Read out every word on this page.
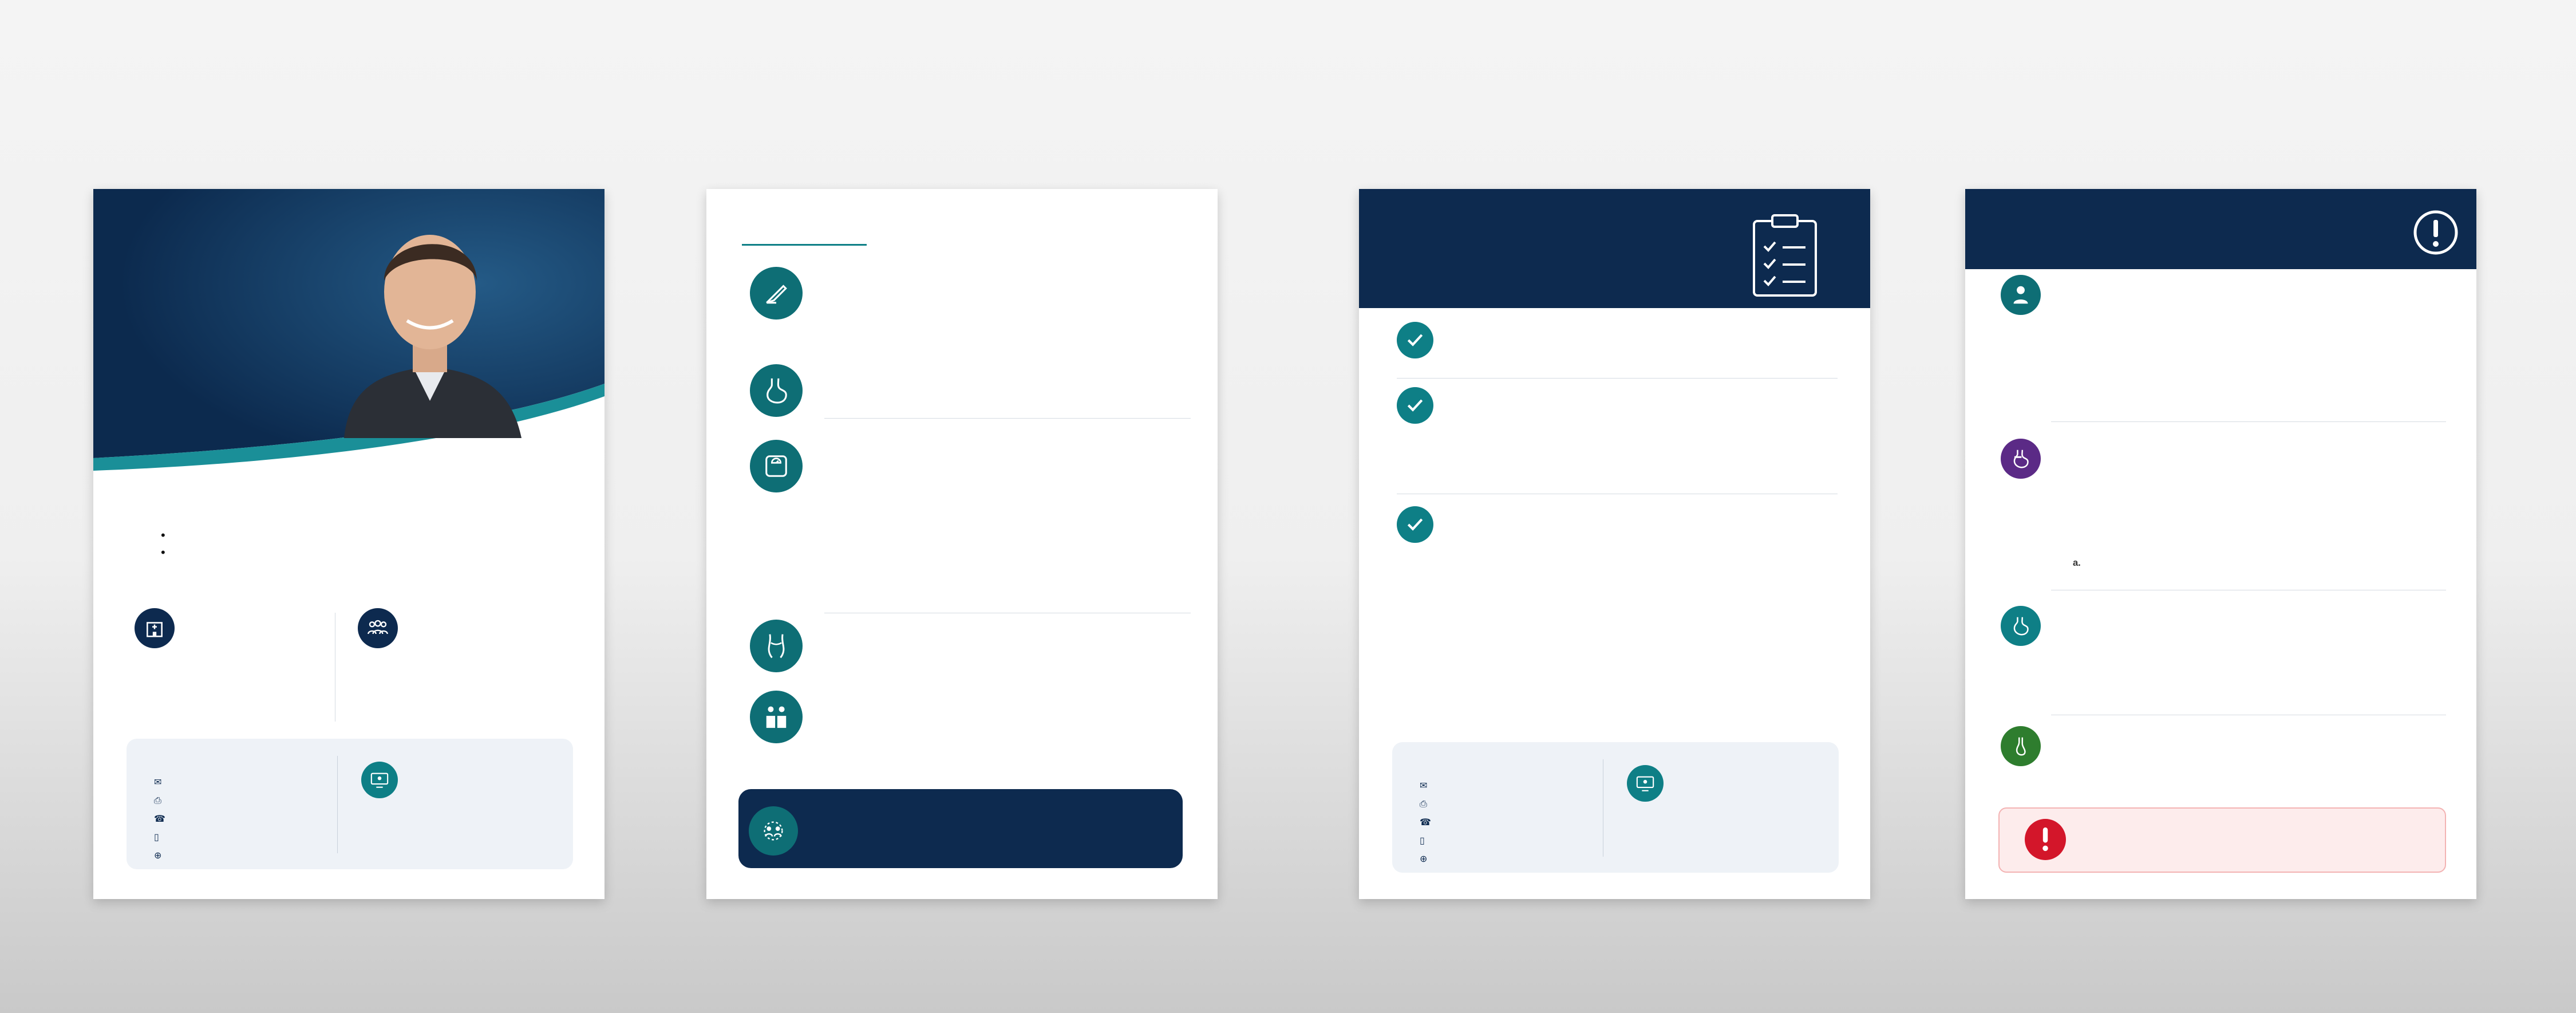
•
•
✉
⎙
☎
▯
⊕

✉
⎙
☎
▯
⊕
a.
